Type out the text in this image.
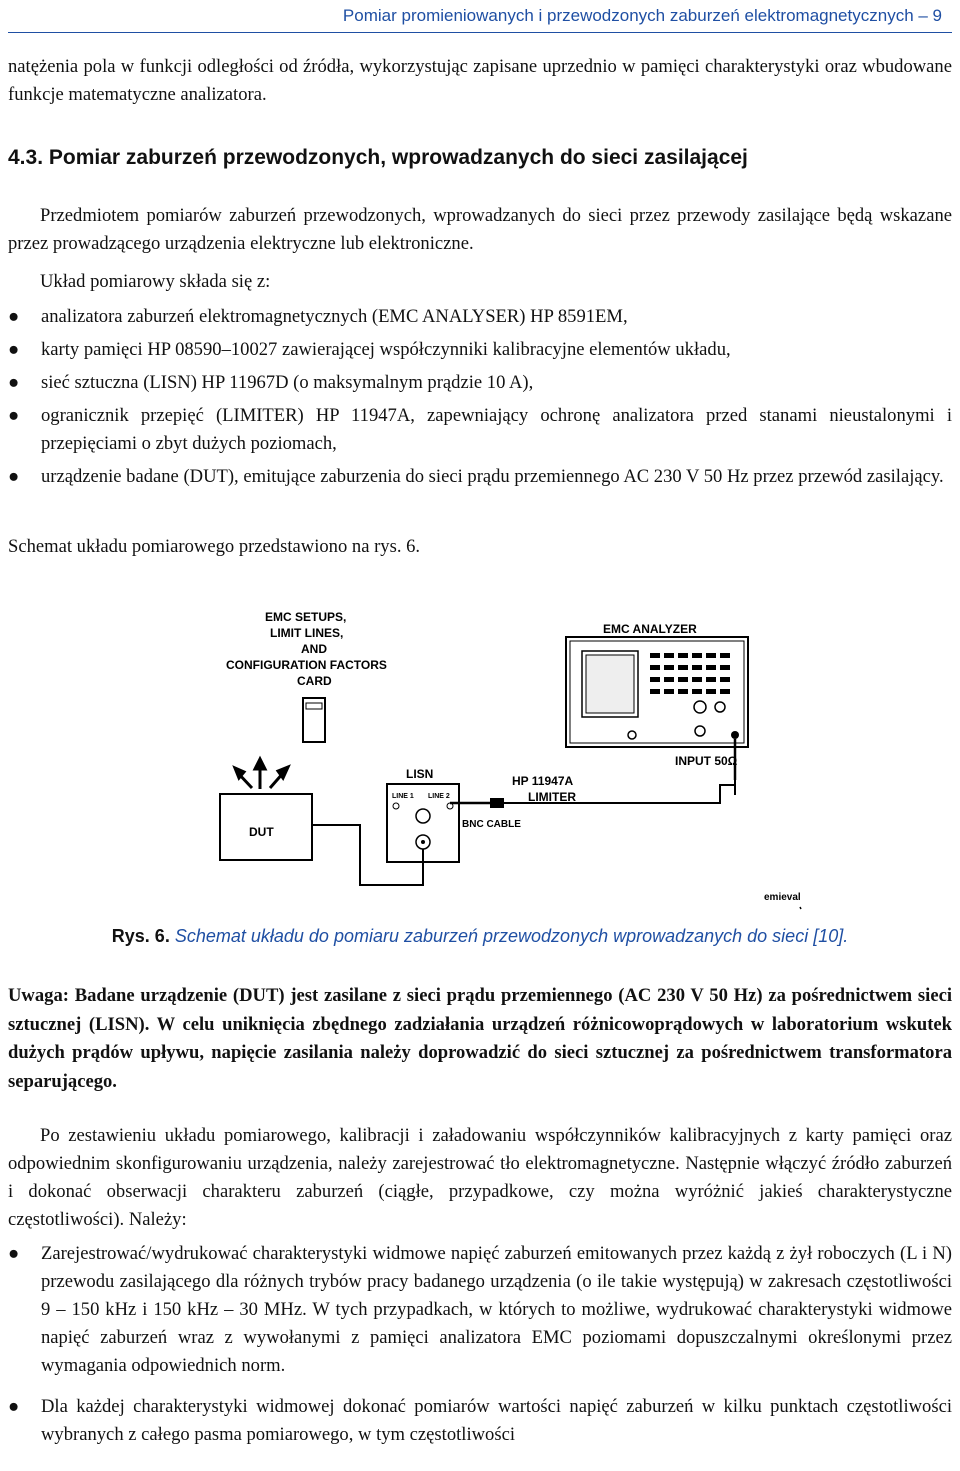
Pomiar promieniowanych i przewodzonych zaburzeń elektromagnetycznych – 9
natężenia pola w funkcji odległości od źródła, wykorzystując zapisane uprzednio w pamięci charakterystyki oraz wbudowane funkcje matematyczne analizatora.
4.3. Pomiar zaburzeń przewodzonych, wprowadzanych do sieci zasilającej
Przedmiotem pomiarów zaburzeń przewodzonych, wprowadzanych do sieci przez przewody zasilające będą wskazane przez prowadzącego urządzenia elektryczne lub elektroniczne.
Układ pomiarowy składa się z:
● analizatora zaburzeń elektromagnetycznych (EMC ANALYSER) HP 8591EM,
● karty pamięci HP 08590–10027 zawierającej współczynniki kalibracyjne elementów układu,
● sieć sztuczna (LISN) HP 11967D (o maksymalnym prądzie 10 A),
● ogranicznik przepięć (LIMITER) HP 11947A, zapewniający ochronę analizatora przed stanami nieustalonymi i przepięciami o zbyt dużych poziomach,
● urządzenie badane (DUT), emitujące zaburzenia do sieci prądu przemiennego AC 230 V 50 Hz przez przewód zasilający.
Schemat układu pomiarowego przedstawiono na rys. 6.
EMC SETUPS,
LIMIT LINES,
AND
CONFIGURATION FACTORS
CARD
EMC ANALYZER
INPUT 50Ω
DUT
LISN
LINE 1 LINE 2
HP 11947A
LIMITER
BNC CABLE
emieval
Rys. 6. Schemat układu do pomiaru zaburzeń przewodzonych wprowadzanych do sieci [10].
Uwaga: Badane urządzenie (DUT) jest zasilane z sieci prądu przemiennego (AC 230 V 50 Hz) za pośrednictwem sieci sztucznej (LISN). W celu uniknięcia zbędnego zadziałania urządzeń różnicowoprądowych w laboratorium wskutek dużych prądów upływu, napięcie zasilania należy doprowadzić do sieci sztucznej za pośrednictwem transformatora separującego.
Po zestawieniu układu pomiarowego, kalibracji i załadowaniu współczynników kalibracyjnych z karty pamięci oraz odpowiednim skonfigurowaniu urządzenia, należy zarejestrować tło elektromagnetyczne. Następnie włączyć źródło zaburzeń i dokonać obserwacji charakteru zaburzeń (ciągłe, przypadkowe, czy można wyróżnić jakieś charakterystyczne częstotliwości). Należy:
● Zarejestrować/wydrukować charakterystyki widmowe napięć zaburzeń emitowanych przez każdą z żył roboczych (L i N) przewodu zasilającego dla różnych trybów pracy badanego urządzenia (o ile takie występują) w zakresach częstotliwości 9 – 150 kHz i 150 kHz – 30 MHz. W tych przypadkach, w których to możliwe, wydrukować charakterystyki widmowe napięć zaburzeń wraz z wywołanymi z pamięci analizatora EMC poziomami dopuszczalnymi określonymi przez wymagania odpowiednich norm.
● Dla każdej charakterystyki widmowej dokonać pomiarów wartości napięć zaburzeń w kilku punktach częstotliwości wybranych z całego pasma pomiarowego, w tym częstotliwości
